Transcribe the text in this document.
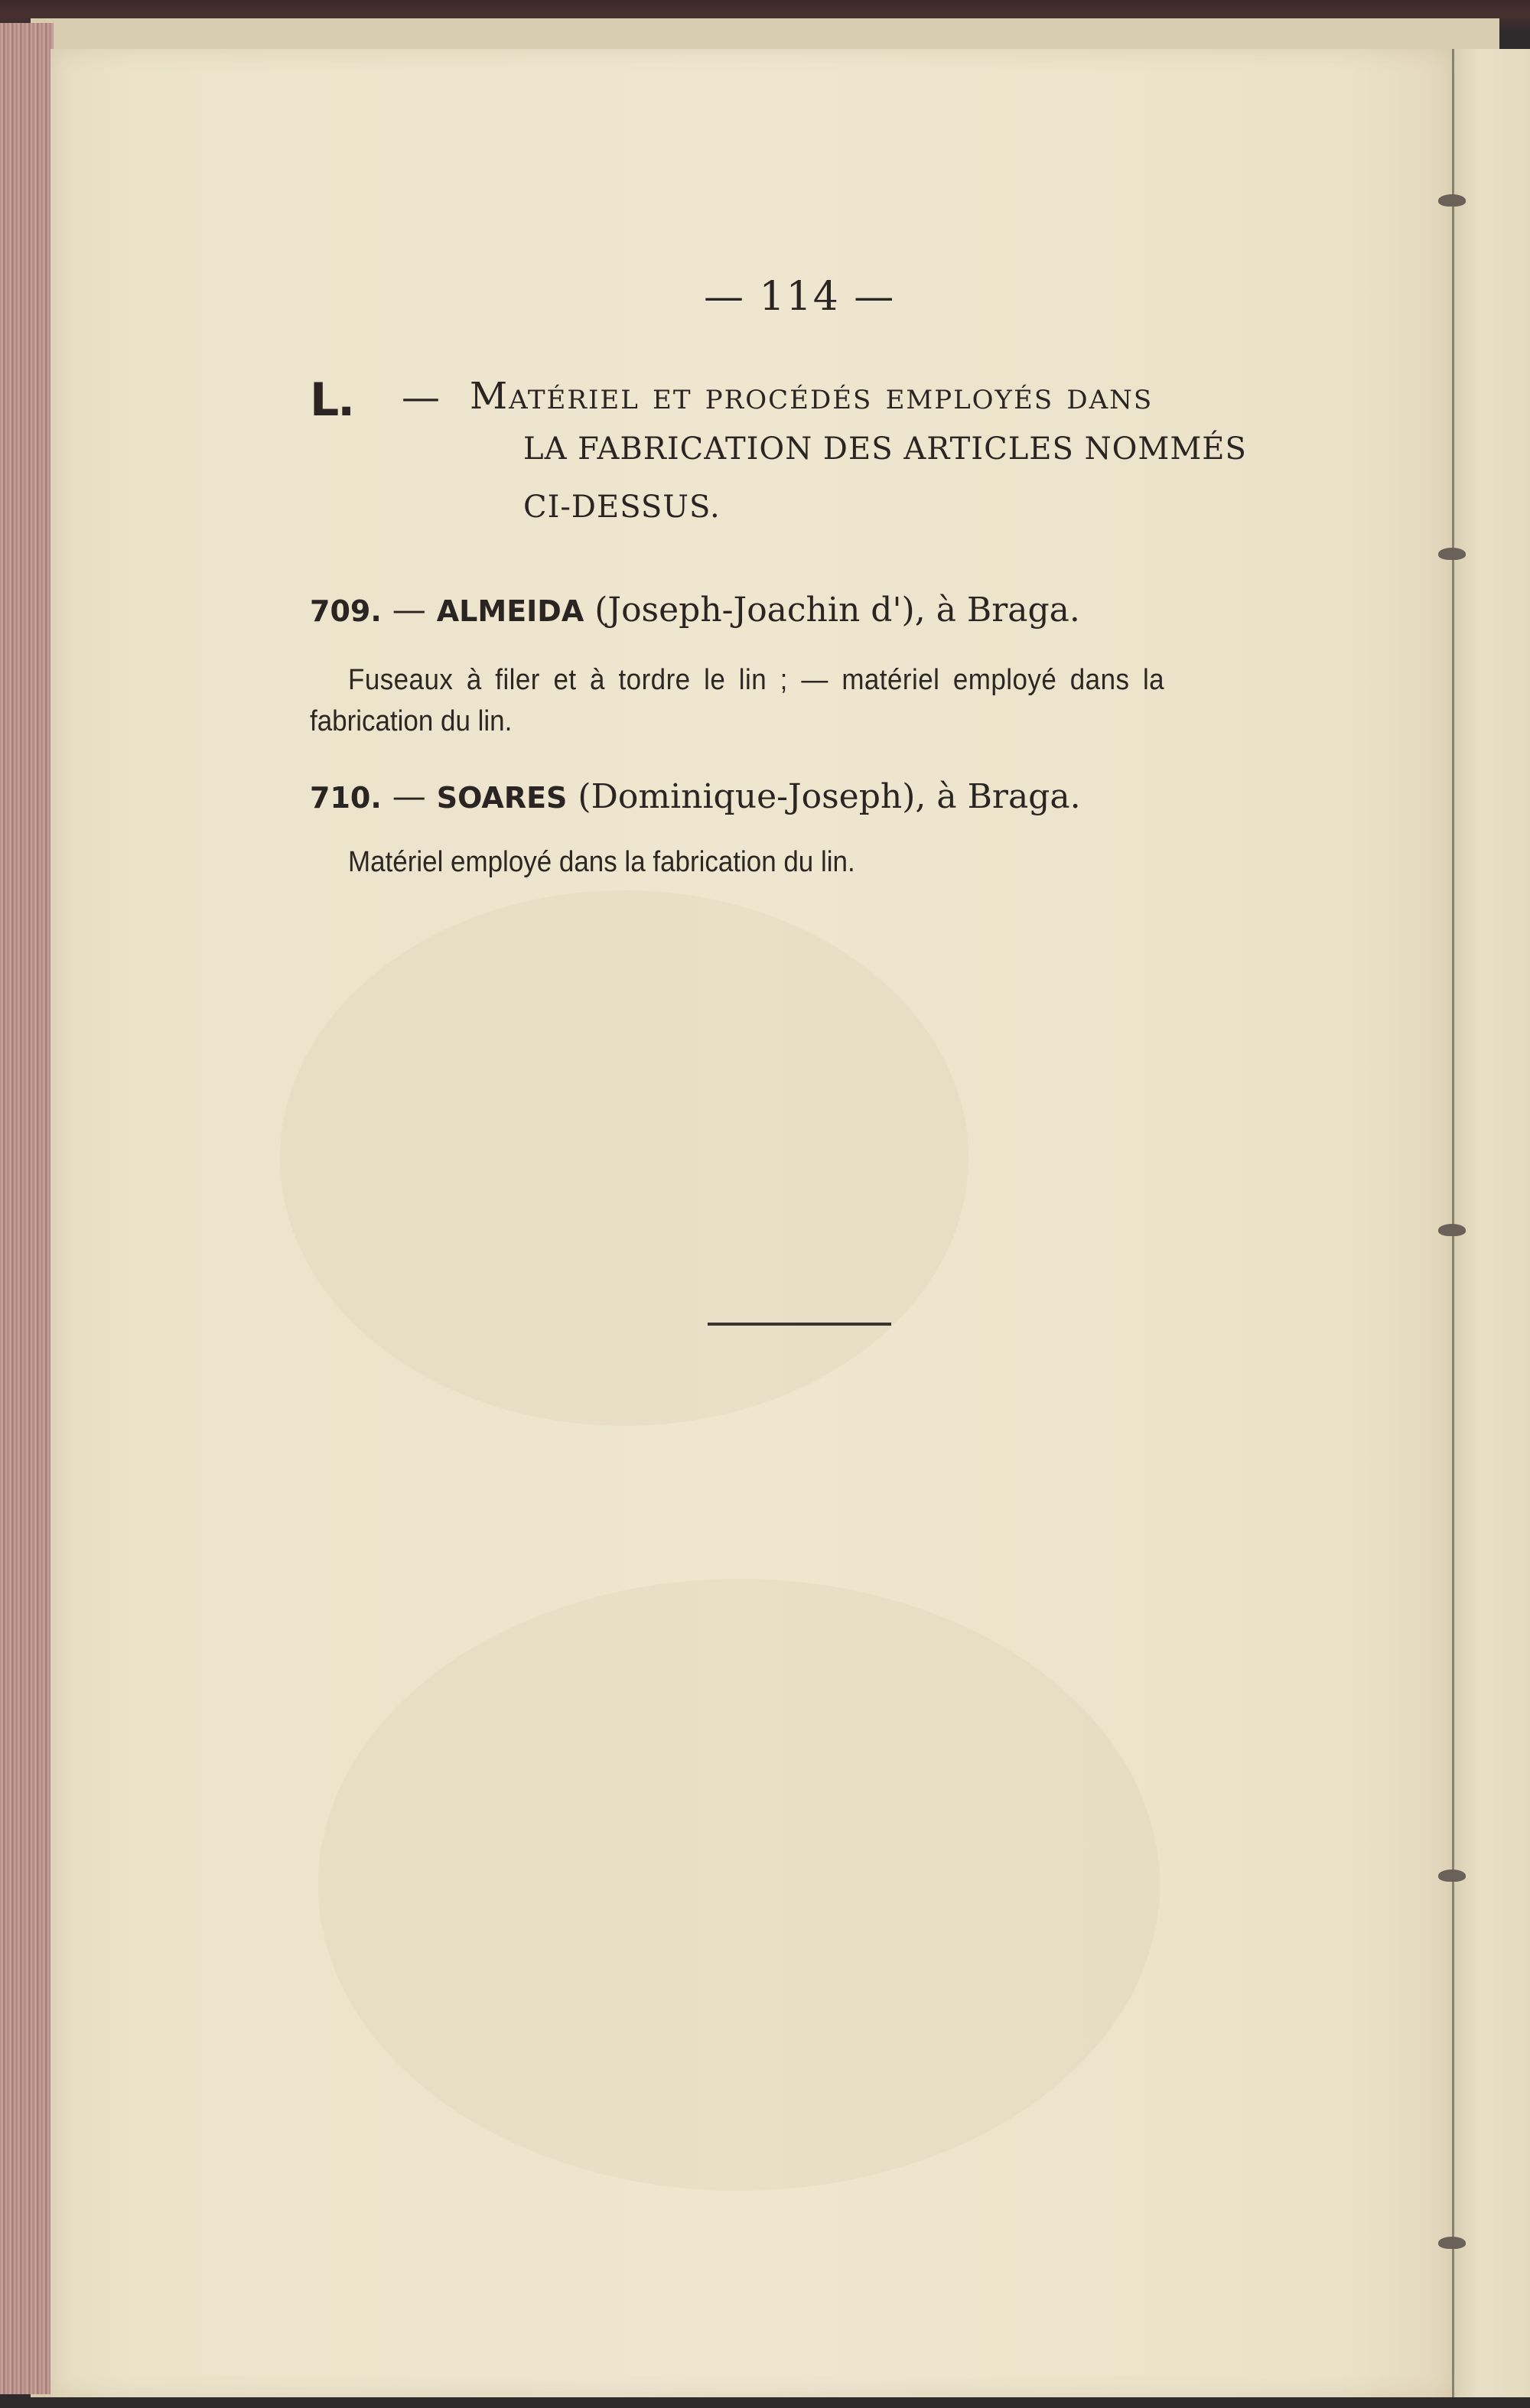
— 114 —
L. — Matériel et procédés employés dans
LA FABRICATION DES ARTICLES NOMMÉS
CI-DESSUS.
709. — ALMEIDA (Joseph-Joachin d'), à Braga.
Fuseaux à filer et à tordre le lin ; — matériel employé dans la
fabrication du lin.
710. — SOARES (Dominique-Joseph), à Braga.
Matériel employé dans la fabrication du lin.
